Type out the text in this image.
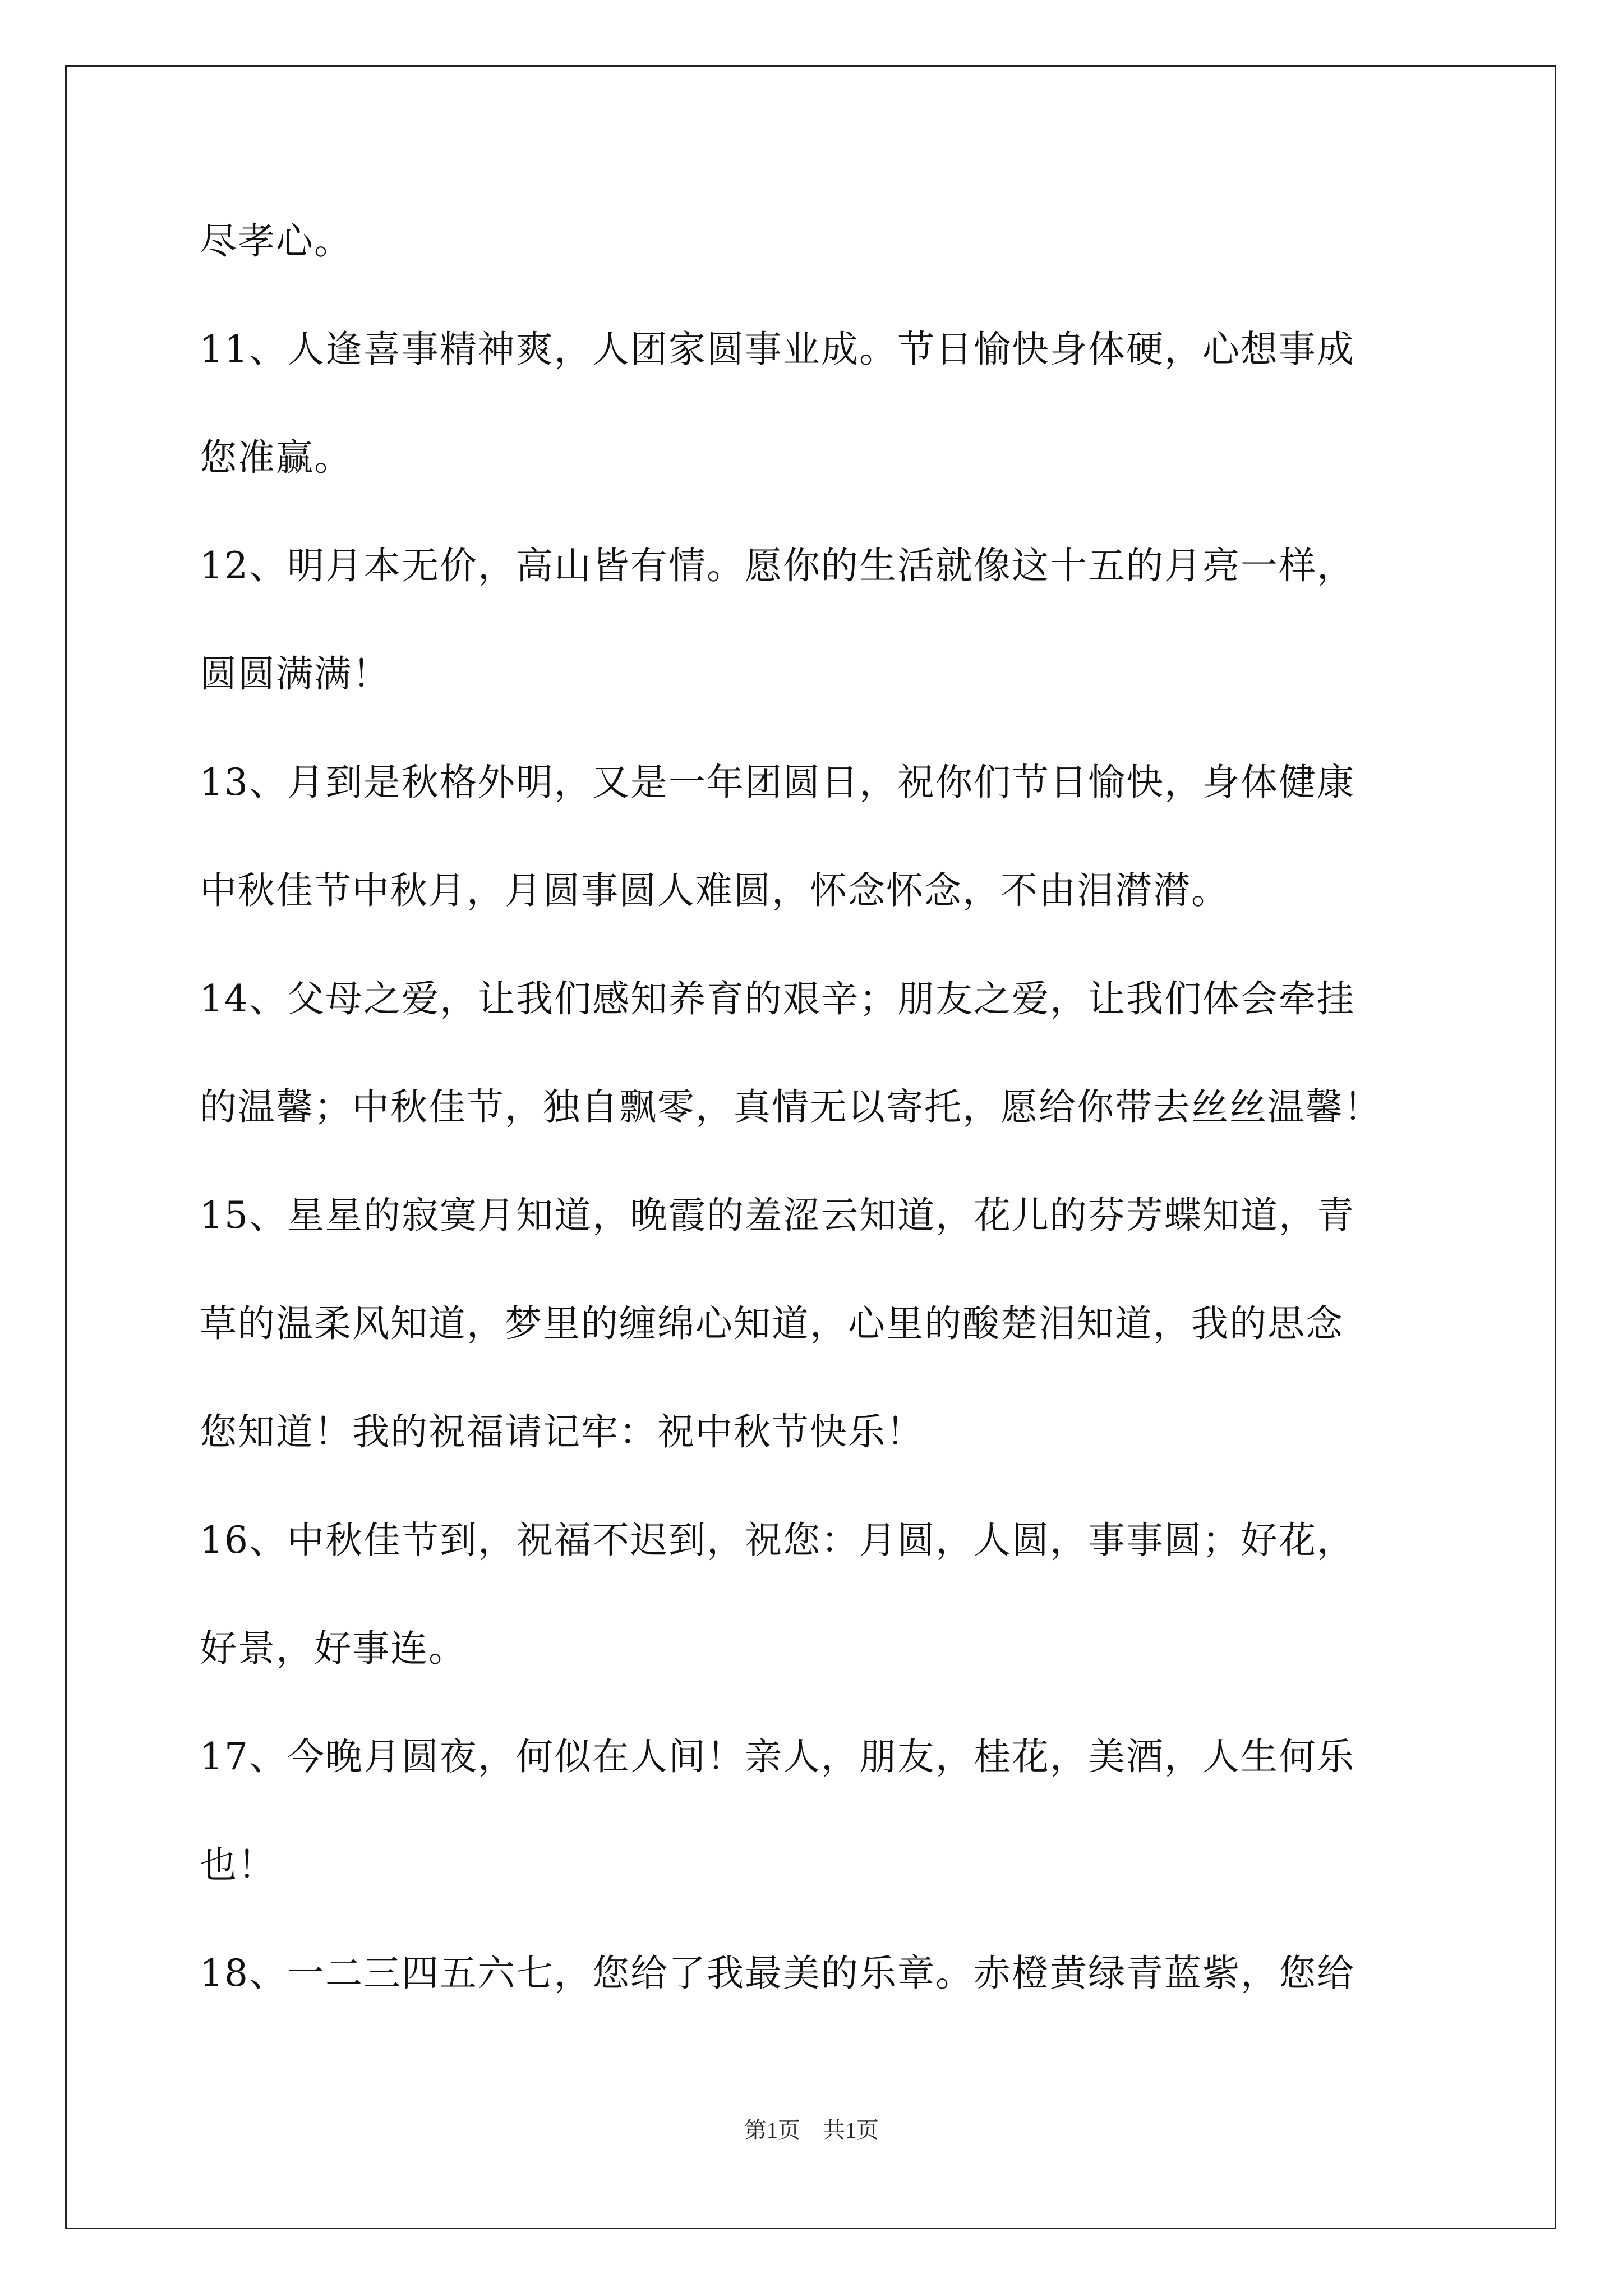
尽孝心。
11、人逢喜事精神爽，人团家圆事业成。节日愉快身体硬，心想事成
您准赢。
12、明月本无价，高山皆有情。愿你的生活就像这十五的月亮一样，
圆圆满满！
13、月到是秋格外明，又是一年团圆日，祝你们节日愉快，身体健康
中秋佳节中秋月，月圆事圆人难圆，怀念怀念，不由泪潸潸。
14、父母之爱，让我们感知养育的艰辛；朋友之爱，让我们体会牵挂
的温馨；中秋佳节，独自飘零，真情无以寄托，愿给你带去丝丝温馨！
15、星星的寂寞月知道，晚霞的羞涩云知道，花儿的芬芳蝶知道，青
草的温柔风知道，梦里的缠绵心知道，心里的酸楚泪知道，我的思念
您知道！我的祝福请记牢：祝中秋节快乐！
16、中秋佳节到，祝福不迟到，祝您：月圆，人圆，事事圆；好花，
好景，好事连。
17、今晚月圆夜，何似在人间！亲人，朋友，桂花，美酒，人生何乐
也！
18、一二三四五六七，您给了我最美的乐章。赤橙黄绿青蓝紫，您给
第1页 共1页
